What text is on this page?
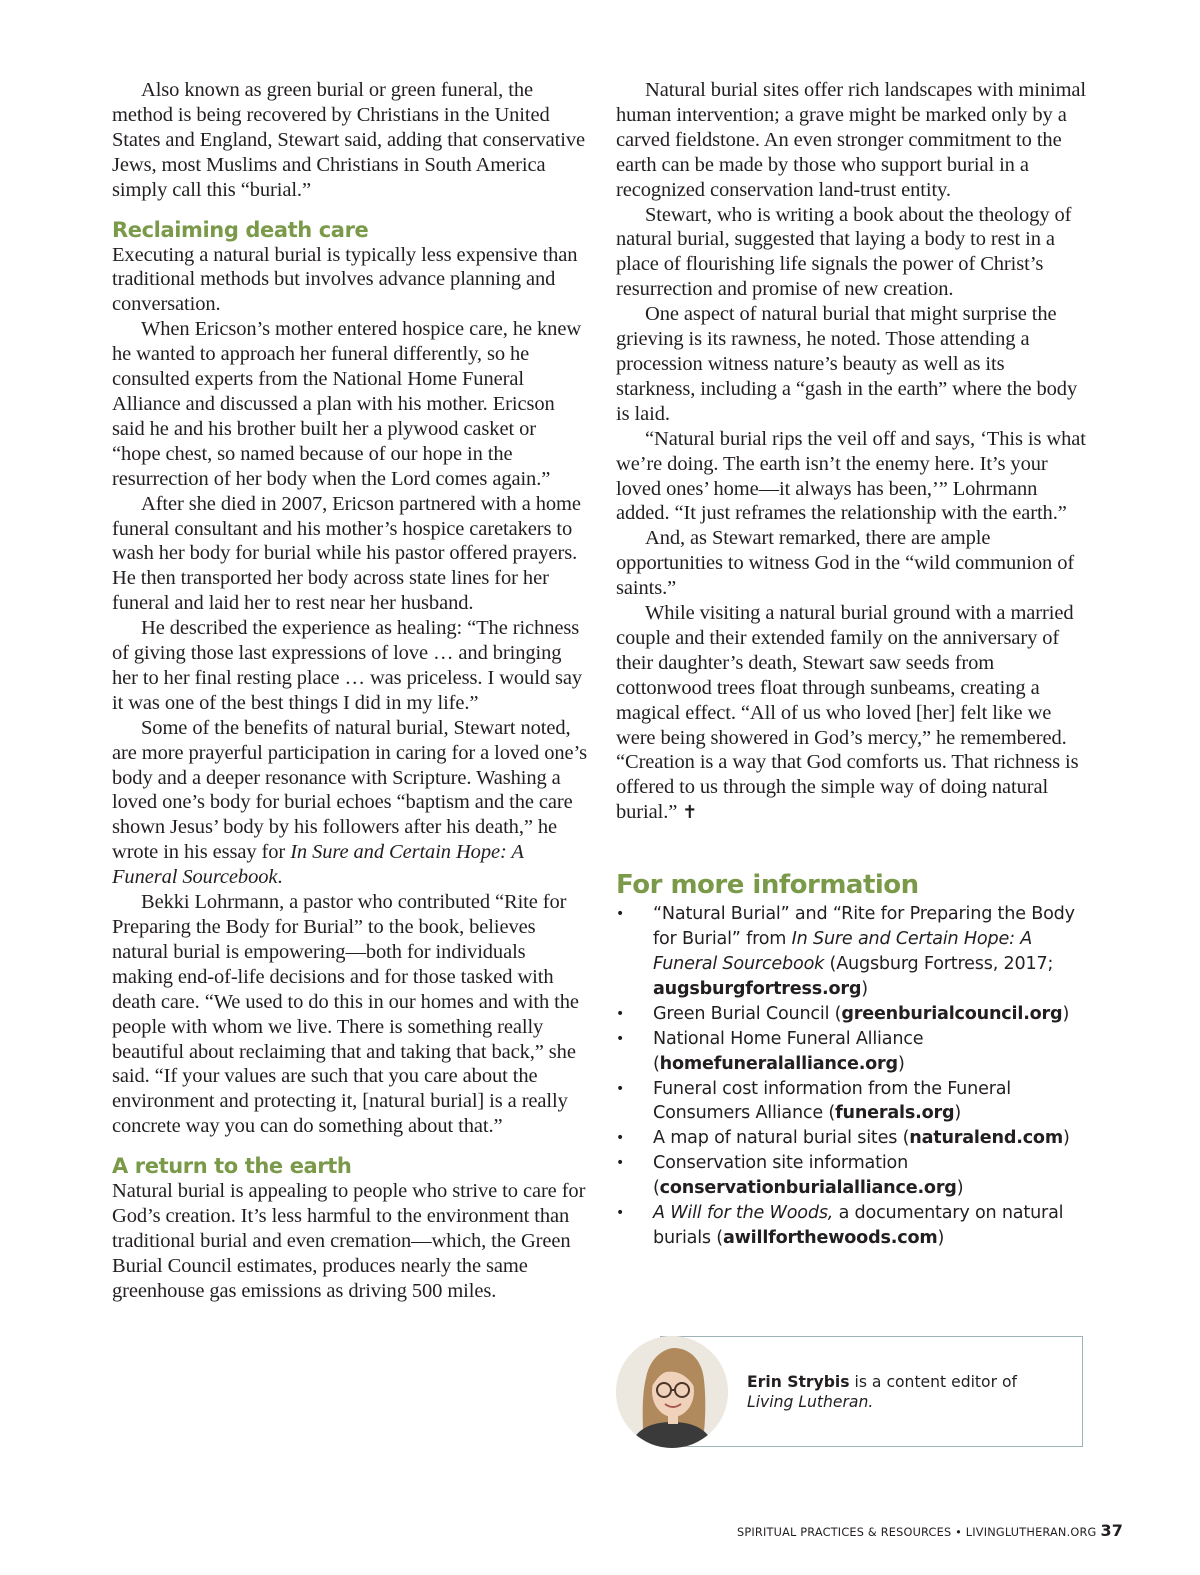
Also known as green burial or green funeral, the method is being recovered by Christians in the United States and England, Stewart said, adding that conservative Jews, most Muslims and Christians in South America simply call this “burial.”

Reclaiming death care

Executing a natural burial is typically less expensive than traditional methods but involves advance planning and conversation.

When Ericson’s mother entered hospice care, he knew he wanted to approach her funeral differently, so he consulted experts from the National Home Funeral Alliance and discussed a plan with his mother. Ericson said he and his brother built her a plywood casket or “hope chest, so named because of our hope in the resurrection of her body when the Lord comes again.”

After she died in 2007, Ericson partnered with a home funeral consultant and his mother’s hospice caretakers to wash her body for burial while his pastor offered prayers. He then transported her body across state lines for her funeral and laid her to rest near her husband.

He described the experience as healing: “The richness of giving those last expressions of love … and bringing her to her final resting place … was priceless. I would say it was one of the best things I did in my life.”

Some of the benefits of natural burial, Stewart noted, are more prayerful participation in caring for a loved one’s body and a deeper resonance with Scripture. Washing a loved one’s body for burial echoes “baptism and the care shown Jesus’ body by his followers after his death,” he wrote in his essay for In Sure and Certain Hope: A Funeral Sourcebook.

Bekki Lohrmann, a pastor who contributed “Rite for Preparing the Body for Burial” to the book, believes natural burial is empowering—both for individuals making end-of-life decisions and for those tasked with death care. “We used to do this in our homes and with the people with whom we live. There is something really beautiful about reclaiming that and taking that back,” she said. “If your values are such that you care about the environment and protecting it, [natural burial] is a really concrete way you can do something about that.”

A return to the earth

Natural burial is appealing to people who strive to care for God’s creation. It’s less harmful to the environment than traditional burial and even cremation—which, the Green Burial Council estimates, produces nearly the same greenhouse gas emissions as driving 500 miles.

Natural burial sites offer rich landscapes with minimal human intervention; a grave might be marked only by a carved fieldstone. An even stronger commitment to the earth can be made by those who support burial in a recognized conservation land-trust entity.

Stewart, who is writing a book about the theology of natural burial, suggested that laying a body to rest in a place of flourishing life signals the power of Christ’s resurrection and promise of new creation.

One aspect of natural burial that might surprise the grieving is its rawness, he noted. Those attending a procession witness nature’s beauty as well as its starkness, including a “gash in the earth” where the body is laid.

“Natural burial rips the veil off and says, ‘This is what we’re doing. The earth isn’t the enemy here. It’s your loved ones’ home—it always has been,’” Lohrmann added. “It just reframes the relationship with the earth.”

And, as Stewart remarked, there are ample opportunities to witness God in the “wild communion of saints.”

While visiting a natural burial ground with a married couple and their extended family on the anniversary of their daughter’s death, Stewart saw seeds from cottonwood trees float through sunbeams, creating a magical effect. “All of us who loved [her] felt like we were being showered in God’s mercy,” he remembered. “Creation is a way that God comforts us. That richness is offered to us through the simple way of doing natural burial.” ✝

For more information
• “Natural Burial” and “Rite for Preparing the Body for Burial” from In Sure and Certain Hope: A Funeral Sourcebook (Augsburg Fortress, 2017; augsburgfortress.org)
• Green Burial Council (greenburialcouncil.org)
• National Home Funeral Alliance (homefuneralalliance.org)
• Funeral cost information from the Funeral Consumers Alliance (funerals.org)
• A map of natural burial sites (naturalend.com)
• Conservation site information (conservationburialalliance.org)
• A Will for the Woods, a documentary on natural burials (awillforthewoods.com)
Erin Strybis is a content editor of Living Lutheran.
SPIRITUAL PRACTICES & RESOURCES • LIVINGLUTHERAN.ORG 37
